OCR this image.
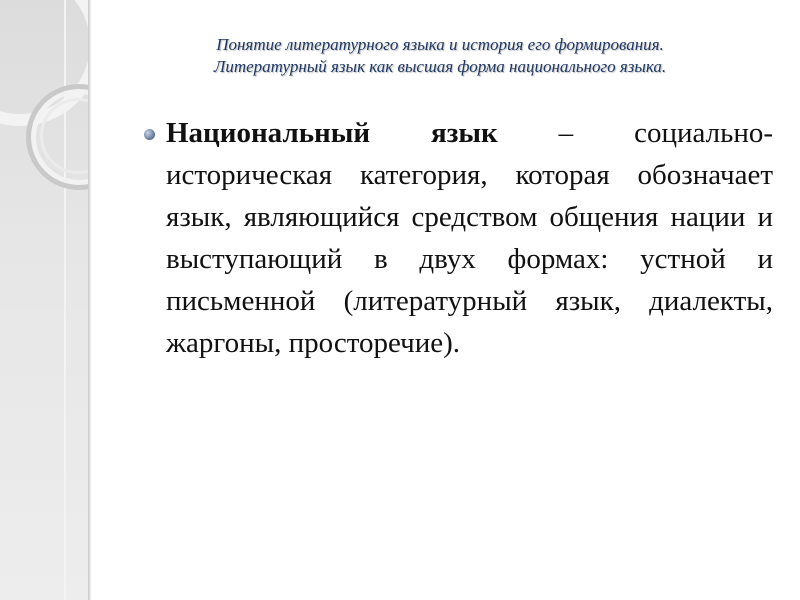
Понятие литературного языка и история его формирования.
Литературный язык как высшая форма национального языка.
Национальный язык – социально-историческая категория, которая обозначает язык, являющийся средством общения нации и выступающий в двух формах: устной и письменной (литературный язык, диалекты, жаргоны, просторечие).
